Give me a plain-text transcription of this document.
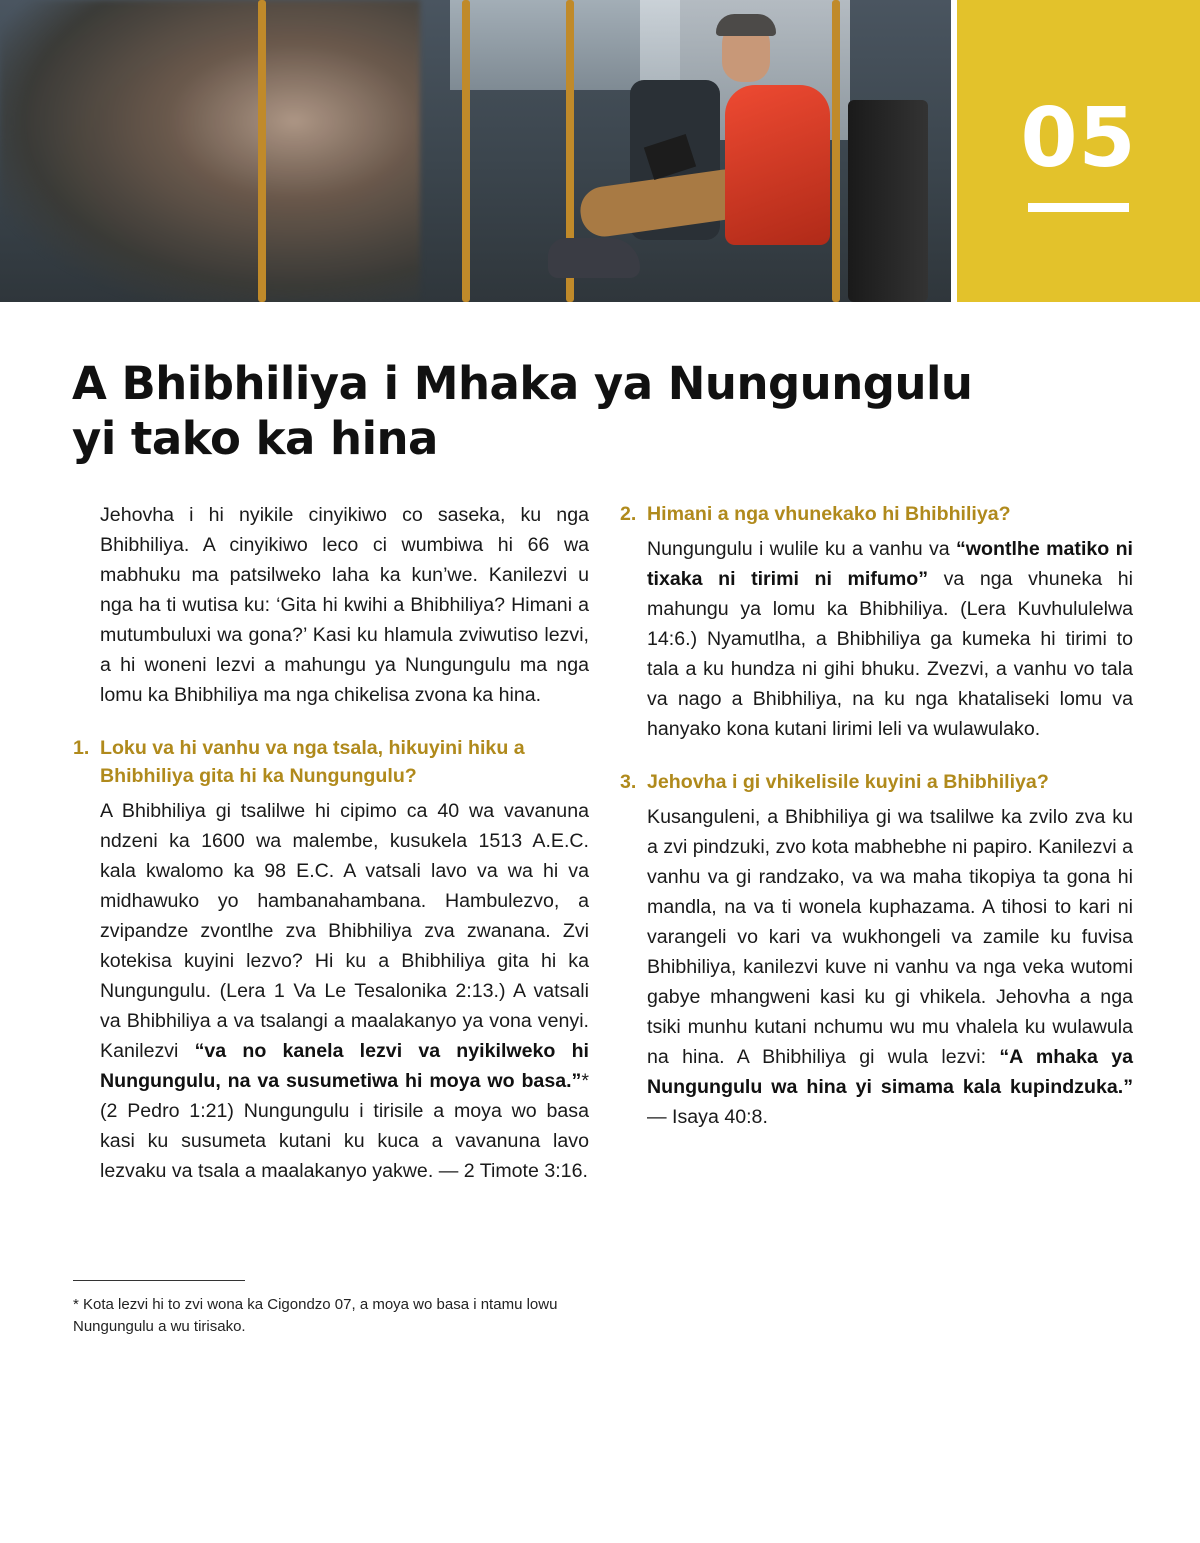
05
A Bhibhiliya i Mhaka ya Nungungulu yi tako ka hina

Jehovha i hi nyikile cinyikiwo co saseka, ku nga Bhibhiliya. A cinyikiwo leco ci wumbiwa hi 66 wa mabhuku ma patsilweko laha ka kun’we. Kanilezvi u nga ha ti wutisa ku: ‘Gita hi kwihi a Bhibhiliya? Himani a mutumbuluxi wa gona?’ Kasi ku hlamula zviwutiso lezvi, a hi woneni lezvi a mahungu ya Nungungulu ma nga lomu ka Bhibhiliya ma nga chikelisa zvona ka hina.

1. Loku va hi vanhu va nga tsala, hikuyini hiku a Bhibhiliya gita hi ka Nungungulu?

A Bhibhiliya gi tsalilwe hi cipimo ca 40 wa vavanuna ndzeni ka 1600 wa malembe, kusukela 1513 A.E.C. kala kwalomo ka 98 E.C. A vatsali lavo va wa hi va midhawuko yo hambanahambana. Hambulezvo, a zvipandze zvontlhe zva Bhibhiliya zva zwanana. Zvi kotekisa kuyini lezvo? Hi ku a Bhibhiliya gita hi ka Nungungulu. (Lera 1 Va Le Tesalonika 2:13.) A vatsali va Bhibhiliya a va tsalangi a maalakanyo ya vona venyi. Kanilezvi “va no kanela lezvi va nyikilweko hi Nungungulu, na va susumetiwa hi moya wo basa.”* (2 Pedro 1:21) Nungungulu i tirisile a moya wo basa kasi ku susumeta kutani ku kuca a vavanuna lavo lezvaku va tsala a maalakanyo yakwe. — 2 Timote 3:16.

* Kota lezvi hi to zvi wona ka Cigondzo 07, a moya wo basa i ntamu lowu Nungungulu a wu tirisako.

2. Himani a nga vhunekako hi Bhibhiliya?

Nungungulu i wulile ku a vanhu va “wontlhe matiko ni tixaka ni tirimi ni mifumo” va nga vhuneka hi mahungu ya lomu ka Bhibhiliya. (Lera Kuvhululelwa 14:6.) Nyamutlha, a Bhibhiliya ga kumeka hi tirimi to tala a ku hundza ni gihi bhuku. Zvezvi, a vanhu vo tala va nago a Bhibhiliya, na ku nga khataliseki lomu va hanyako kona kutani lirimi leli va wulawulako.

3. Jehovha i gi vhikelisile kuyini a Bhibhiliya?

Kusanguleni, a Bhibhiliya gi wa tsalilwe ka zvilo zva ku a zvi pindzuki, zvo kota mabhebhe ni papiro. Kanilezvi a vanhu va gi randzako, va wa maha tikopiya ta gona hi mandla, na va ti wonela kuphazama. A tihosi to kari ni varangeli vo kari va wukhongeli va zamile ku fuvisa Bhibhiliya, kanilezvi kuve ni vanhu va nga veka wutomi gabye mhangweni kasi ku gi vhikela. Jehovha a nga tsiki munhu kutani nchumu wu mu vhalela ku wulawula na hina. A Bhibhiliya gi wula lezvi: “A mhaka ya Nungungulu wa hina yi simama kala kupindzuka.” — Isaya 40:8.
